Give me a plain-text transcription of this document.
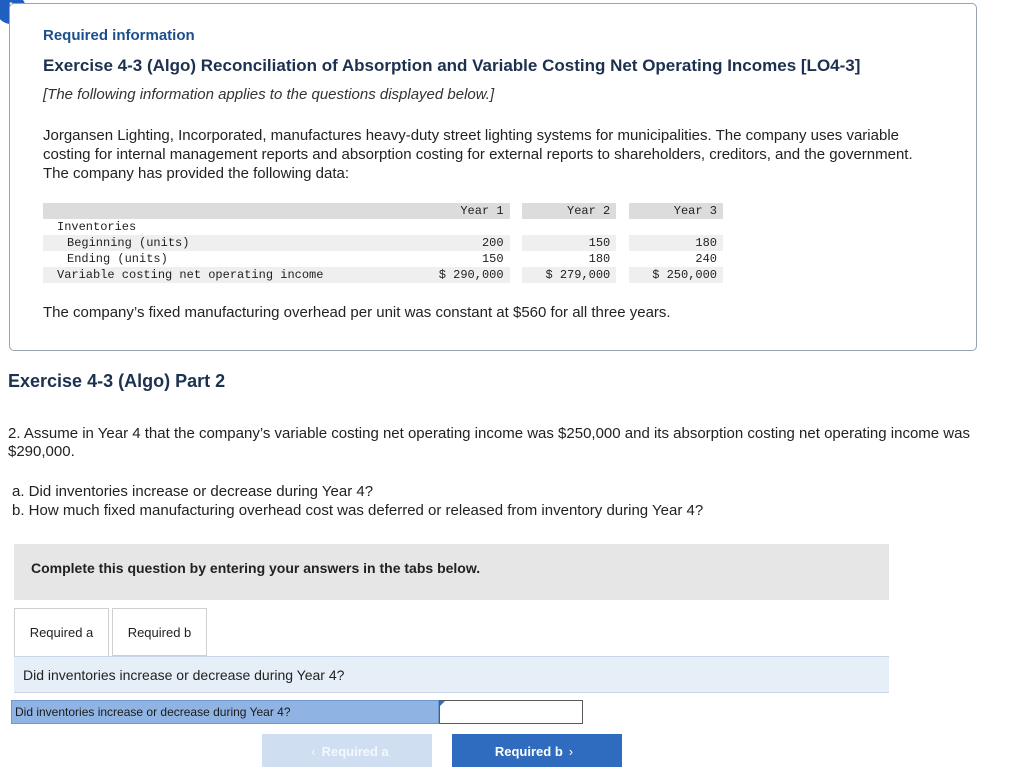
Required information
Exercise 4-3 (Algo) Reconciliation of Absorption and Variable Costing Net Operating Incomes [LO4-3]
[The following information applies to the questions displayed below.]
Jorgansen Lighting, Incorporated, manufactures heavy-duty street lighting systems for municipalities. The company uses variable costing for internal management reports and absorption costing for external reports to shareholders, creditors, and the government. The company has provided the following data:
	Year 1		Year 2		Year 3
Inventories					
Beginning (units)	200		150		180
Ending (units)	150		180		240
Variable costing net operating income	$ 290,000		$ 279,000		$ 250,000
The company’s fixed manufacturing overhead per unit was constant at $560 for all three years.
Exercise 4-3 (Algo) Part 2
2. Assume in Year 4 that the company’s variable costing net operating income was $250,000 and its absorption costing net operating income was $290,000.
a. Did inventories increase or decrease during Year 4?
b. How much fixed manufacturing overhead cost was deferred or released from inventory during Year 4?
Complete this question by entering your answers in the tabs below.
Required a	Required b
Did inventories increase or decrease during Year 4?
Did inventories increase or decrease during Year 4?
‹ Required a	Required b ›
